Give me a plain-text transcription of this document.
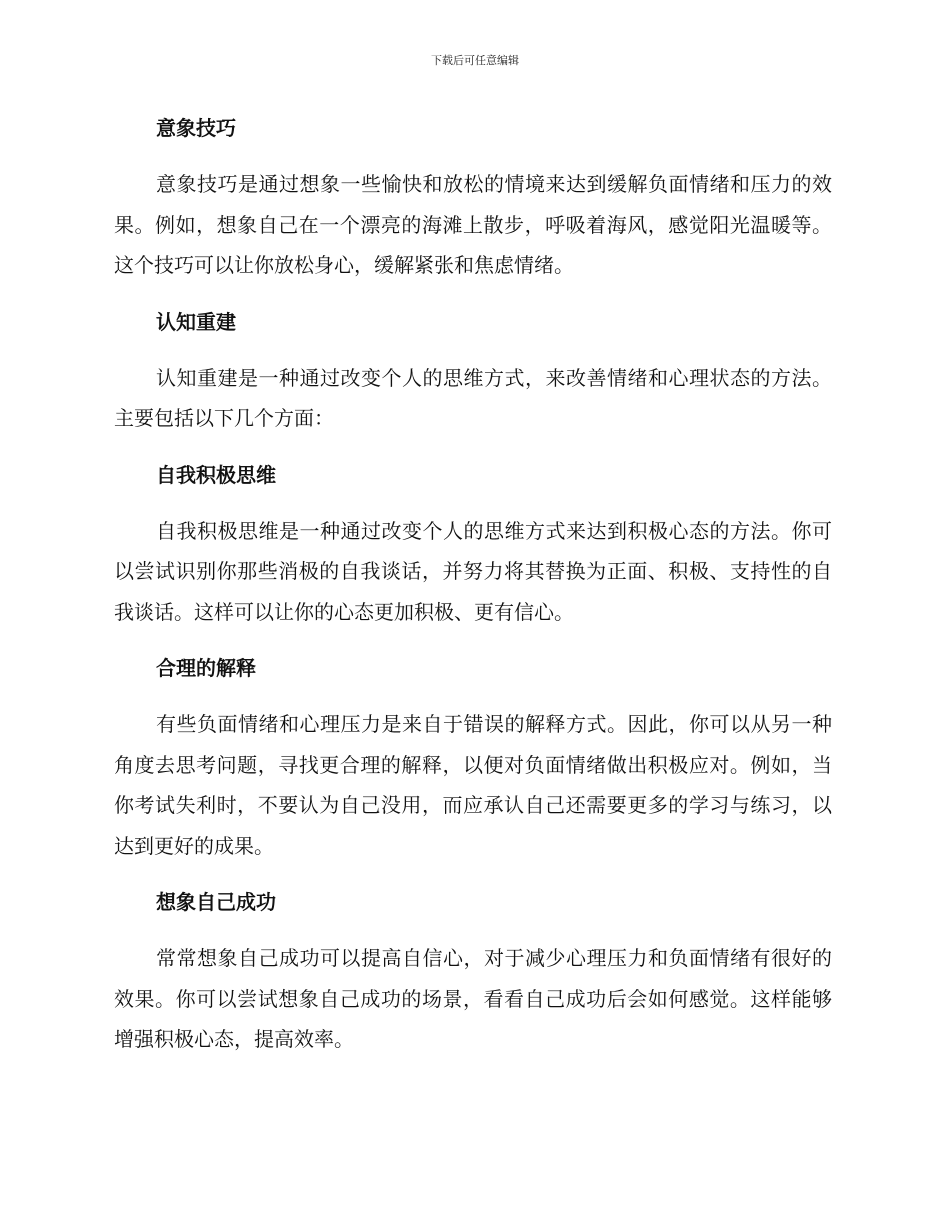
下载后可任意编辑
意象技巧

意象技巧是通过想象一些愉快和放松的情境来达到缓解负面情绪和压力的效果。例如，想象自己在一个漂亮的海滩上散步，呼吸着海风，感觉阳光温暖等。这个技巧可以让你放松身心，缓解紧张和焦虑情绪。

认知重建

认知重建是一种通过改变个人的思维方式，来改善情绪和心理状态的方法。主要包括以下几个方面：

自我积极思维

自我积极思维是一种通过改变个人的思维方式来达到积极心态的方法。你可以尝试识别你那些消极的自我谈话，并努力将其替换为正面、积极、支持性的自我谈话。这样可以让你的心态更加积极、更有信心。

合理的解释

有些负面情绪和心理压力是来自于错误的解释方式。因此，你可以从另一种角度去思考问题，寻找更合理的解释，以便对负面情绪做出积极应对。例如，当你考试失利时，不要认为自己没用，而应承认自己还需要更多的学习与练习，以达到更好的成果。

想象自己成功

常常想象自己成功可以提高自信心，对于减少心理压力和负面情绪有很好的效果。你可以尝试想象自己成功的场景，看看自己成功后会如何感觉。这样能够增强积极心态，提高效率。
